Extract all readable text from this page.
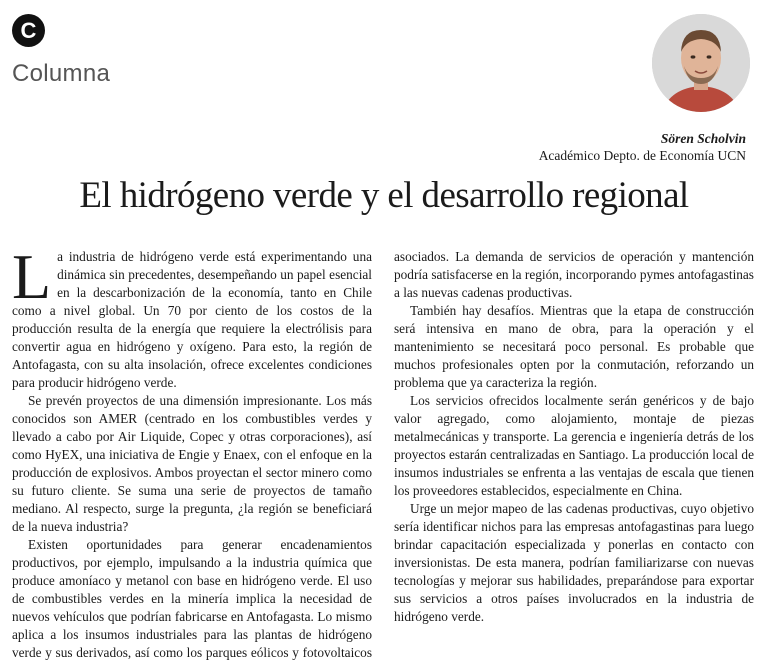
C
Columna
Sören Scholvin
Académico Depto. de Economía UCN
El hidrógeno verde y el desarrollo regional

La industria de hidrógeno verde está experimentando una dinámica sin precedentes, desempeñando un papel esencial en la descarbonización de la economía, tanto en Chile como a nivel global. Un 70 por ciento de los costos de la producción resulta de la energía que requiere la electrólisis para convertir agua en hidrógeno y oxígeno. Para esto, la región de Antofagasta, con su alta insolación, ofrece excelentes condiciones para producir hidrógeno verde.

Se prevén proyectos de una dimensión impresionante. Los más conocidos son AMER (centrado en los combustibles verdes y llevado a cabo por Air Liquide, Copec y otras corporaciones), así como HyEX, una iniciativa de Engie y Enaex, con el enfoque en la producción de explosivos. Ambos proyectan el sector minero como su futuro cliente. Se suma una serie de proyectos de tamaño mediano. Al respecto, surge la pregunta, ¿la región se beneficiará de la nueva industria?

Existen oportunidades para generar encadenamientos productivos, por ejemplo, impulsando a la industria química que produce amoníaco y metanol con base en hidrógeno verde. El uso de combustibles verdes en la minería implica la necesidad de nuevos vehículos que podrían fabricarse en Antofagasta. Lo mismo aplica a los insumos industriales para las plantas de hidrógeno verde y sus derivados, así como los parques eólicos y fotovoltaicos asociados. La demanda de servicios de operación y mantención podría satisfacerse en la región, incorporando pymes antofagastinas a las nuevas cadenas productivas.

También hay desafíos. Mientras que la etapa de construcción será intensiva en mano de obra, para la operación y el mantenimiento se necesitará poco personal. Es probable que muchos profesionales opten por la conmutación, reforzando un problema que ya caracteriza la región.

Los servicios ofrecidos localmente serán genéricos y de bajo valor agregado, como alojamiento, montaje de piezas metalmecánicas y transporte. La gerencia e ingeniería detrás de los proyectos estarán centralizadas en Santiago. La producción local de insumos industriales se enfrenta a las ventajas de escala que tienen los proveedores establecidos, especialmente en China.

Urge un mejor mapeo de las cadenas productivas, cuyo objetivo sería identificar nichos para las empresas antofagastinas para luego brindar capacitación especializada y ponerlas en contacto con inversionistas. De esta manera, podrían familiarizarse con nuevas tecnologías y mejorar sus habilidades, preparándose para exportar sus servicios a otros países involucrados en la industria de hidrógeno verde.
